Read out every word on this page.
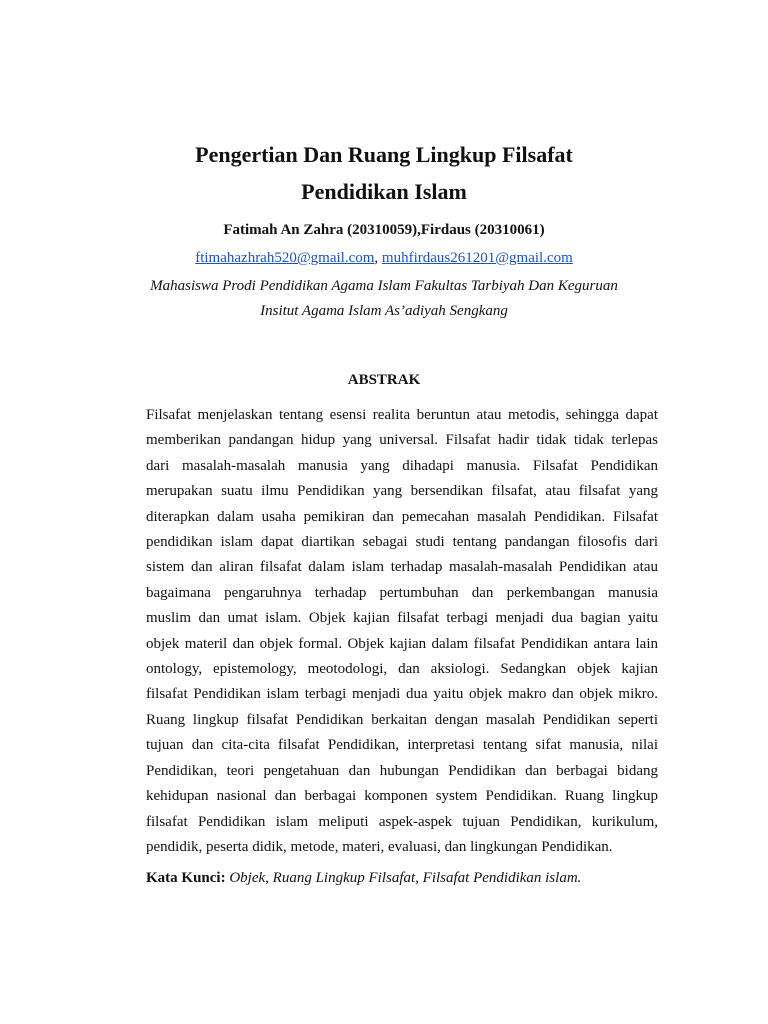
Pengertian Dan Ruang Lingkup Filsafat
Pendidikan Islam
Fatimah An Zahra (20310059),Firdaus (20310061)
ftimahazhrah520@gmail.com, muhfirdaus261201@gmail.com
Mahasiswa Prodi Pendidikan Agama Islam Fakultas Tarbiyah Dan Keguruan
Insitut Agama Islam As’adiyah Sengkang
ABSTRAK

Filsafat menjelaskan tentang esensi realita beruntun atau metodis, sehingga dapat
memberikan pandangan hidup yang universal. Filsafat hadir tidak tidak terlepas
dari masalah-masalah manusia yang dihadapi manusia. Filsafat Pendidikan
merupakan suatu ilmu Pendidikan yang bersendikan filsafat, atau filsafat yang
diterapkan dalam usaha pemikiran dan pemecahan masalah Pendidikan. Filsafat
pendidikan islam dapat diartikan sebagai studi tentang pandangan filosofis dari
sistem dan aliran filsafat dalam islam terhadap masalah-masalah Pendidikan atau
bagaimana pengaruhnya terhadap pertumbuhan dan perkembangan manusia
muslim dan umat islam. Objek kajian filsafat terbagi menjadi dua bagian yaitu
objek materil dan objek formal. Objek kajian dalam filsafat Pendidikan antara lain
ontology, epistemology, meotodologi, dan aksiologi. Sedangkan objek kajian
filsafat Pendidikan islam terbagi menjadi dua yaitu objek makro dan objek mikro.
Ruang lingkup filsafat Pendidikan berkaitan dengan masalah Pendidikan seperti
tujuan dan cita-cita filsafat Pendidikan, interpretasi tentang sifat manusia, nilai
Pendidikan, teori pengetahuan dan hubungan Pendidikan dan berbagai bidang
kehidupan nasional dan berbagai komponen system Pendidikan. Ruang lingkup
filsafat Pendidikan islam meliputi aspek-aspek tujuan Pendidikan, kurikulum,
pendidik, peserta didik, metode, materi, evaluasi, dan lingkungan Pendidikan.

Kata Kunci: Objek, Ruang Lingkup Filsafat, Filsafat Pendidikan islam.
